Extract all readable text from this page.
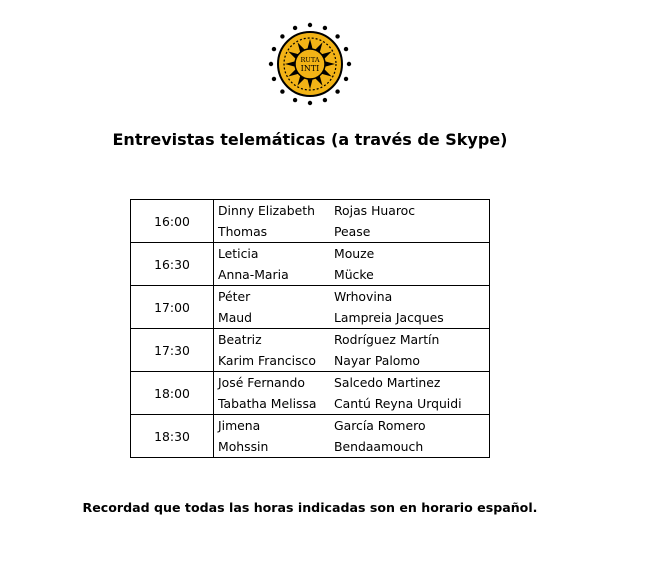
RUTA
INTI
Entrevistas telemáticas (a través de Skype)
16:00	Dinny Elizabeth	Rojas Huaroc
	Thomas	Pease
16:30	Leticia	Mouze
	Anna-Maria	Mücke
17:00	Péter	Wrhovina
	Maud	Lampreia Jacques
17:30	Beatriz	Rodríguez Martín
	Karim Francisco	Nayar Palomo
18:00	José Fernando	Salcedo Martinez
	Tabatha Melissa	Cantú Reyna Urquidi
18:30	Jimena	García Romero
	Mohssin	Bendaamouch
Recordad que todas las horas indicadas son en horario español.
